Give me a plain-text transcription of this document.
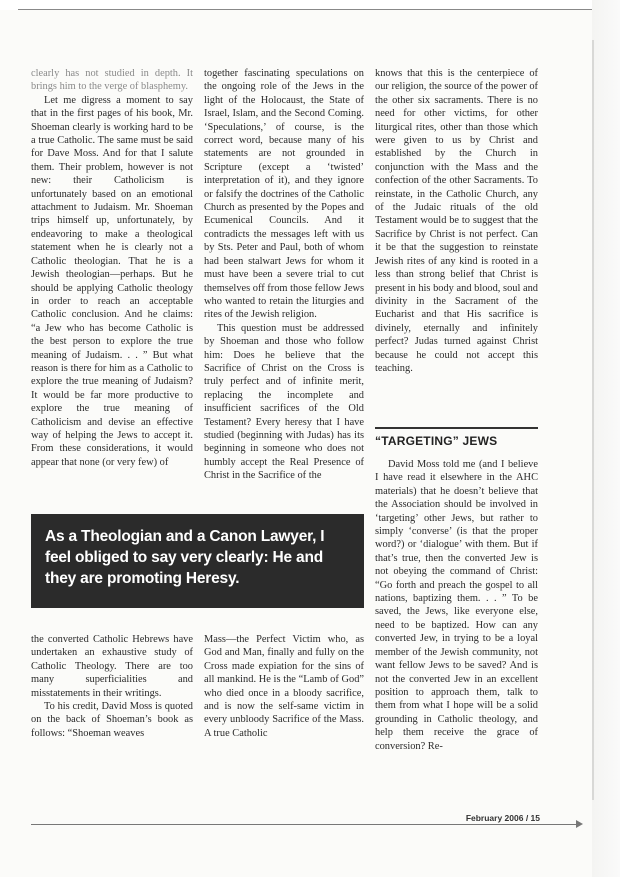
clearly has not studied in depth. It brings him to the verge of blasphemy.

Let me digress a moment to say that in the first pages of his book, Mr. Shoeman clearly is working hard to be a true Catholic. The same must be said for Dave Moss. And for that I salute them. Their problem, however is not new: their Catholicism is unfortunately based on an emotional attachment to Judaism. Mr. Shoeman trips himself up, unfortunately, by endeavoring to make a theological statement when he is clearly not a Catholic theologian. That he is a Jewish theologian—perhaps. But he should be applying Catholic theology in order to reach an acceptable Catholic conclusion. And he claims: “a Jew who has become Catholic is the best person to explore the true meaning of Judaism. . . ” But what reason is there for him as a Catholic to explore the true meaning of Judaism? It would be far more productive to explore the true meaning of Catholicism and devise an effective way of helping the Jews to accept it. From these considerations, it would appear that none (or very few) of

together fascinating speculations on the ongoing role of the Jews in the light of the Holocaust, the State of Israel, Islam, and the Second Coming. ‘Speculations,’ of course, is the correct word, because many of his statements are not grounded in Scripture (except a ‘twisted’ interpretation of it), and they ignore or falsify the doctrines of the Catholic Church as presented by the Popes and Ecumenical Councils. And it contradicts the messages left with us by Sts. Peter and Paul, both of whom had been stalwart Jews for whom it must have been a severe trial to cut themselves off from those fellow Jews who wanted to retain the liturgies and rites of the Jewish religion.

This question must be addressed by Shoeman and those who follow him: Does he believe that the Sacrifice of Christ on the Cross is truly perfect and of infinite merit, replacing the incomplete and insufficient sacrifices of the Old Testament? Every heresy that I have studied (beginning with Judas) has its beginning in someone who does not humbly accept the Real Presence of Christ in the Sacrifice of the

knows that this is the centerpiece of our religion, the source of the power of the other six sacraments. There is no need for other victims, for other liturgical rites, other than those which were given to us by Christ and established by the Church in conjunction with the Mass and the confection of the other Sacraments. To reinstate, in the Catholic Church, any of the Judaic rituals of the old Testament would be to suggest that the Sacrifice by Christ is not perfect. Can it be that the suggestion to reinstate Jewish rites of any kind is rooted in a less than strong belief that Christ is present in his body and blood, soul and divinity in the Sacrament of the Eucharist and that His sacrifice is divinely, eternally and infinitely perfect? Judas turned against Christ because he could not accept this teaching.

As a Theologian and a Canon Lawyer, I feel obliged to say very clearly: He and they are promoting Heresy.
“TARGETING” JEWS

David Moss told me (and I believe I have read it elsewhere in the AHC materials) that he doesn’t believe that the Association should be involved in ‘targeting’ other Jews, but rather to simply ‘converse’ (is that the proper word?) or ‘dialogue’ with them. But if that’s true, then the converted Jew is not obeying the command of Christ: “Go forth and preach the gospel to all nations, baptizing them. . . ” To be saved, the Jews, like everyone else, need to be baptized. How can any converted Jew, in trying to be a loyal member of the Jewish community, not want fellow Jews to be saved? And is not the converted Jew in an excellent position to approach them, talk to them from what I hope will be a solid grounding in Catholic theology, and help them receive the grace of conversion? Re-

the converted Catholic Hebrews have undertaken an exhaustive study of Catholic Theology. There are too many superficialities and misstatements in their writings.

To his credit, David Moss is quoted on the back of Shoeman’s book as follows: “Shoeman weaves

Mass—the Perfect Victim who, as God and Man, finally and fully on the Cross made expiation for the sins of all mankind. He is the “Lamb of God” who died once in a bloody sacrifice, and is now the self-same victim in every unbloody Sacrifice of the Mass. A true Catholic
February 2006 / 15
